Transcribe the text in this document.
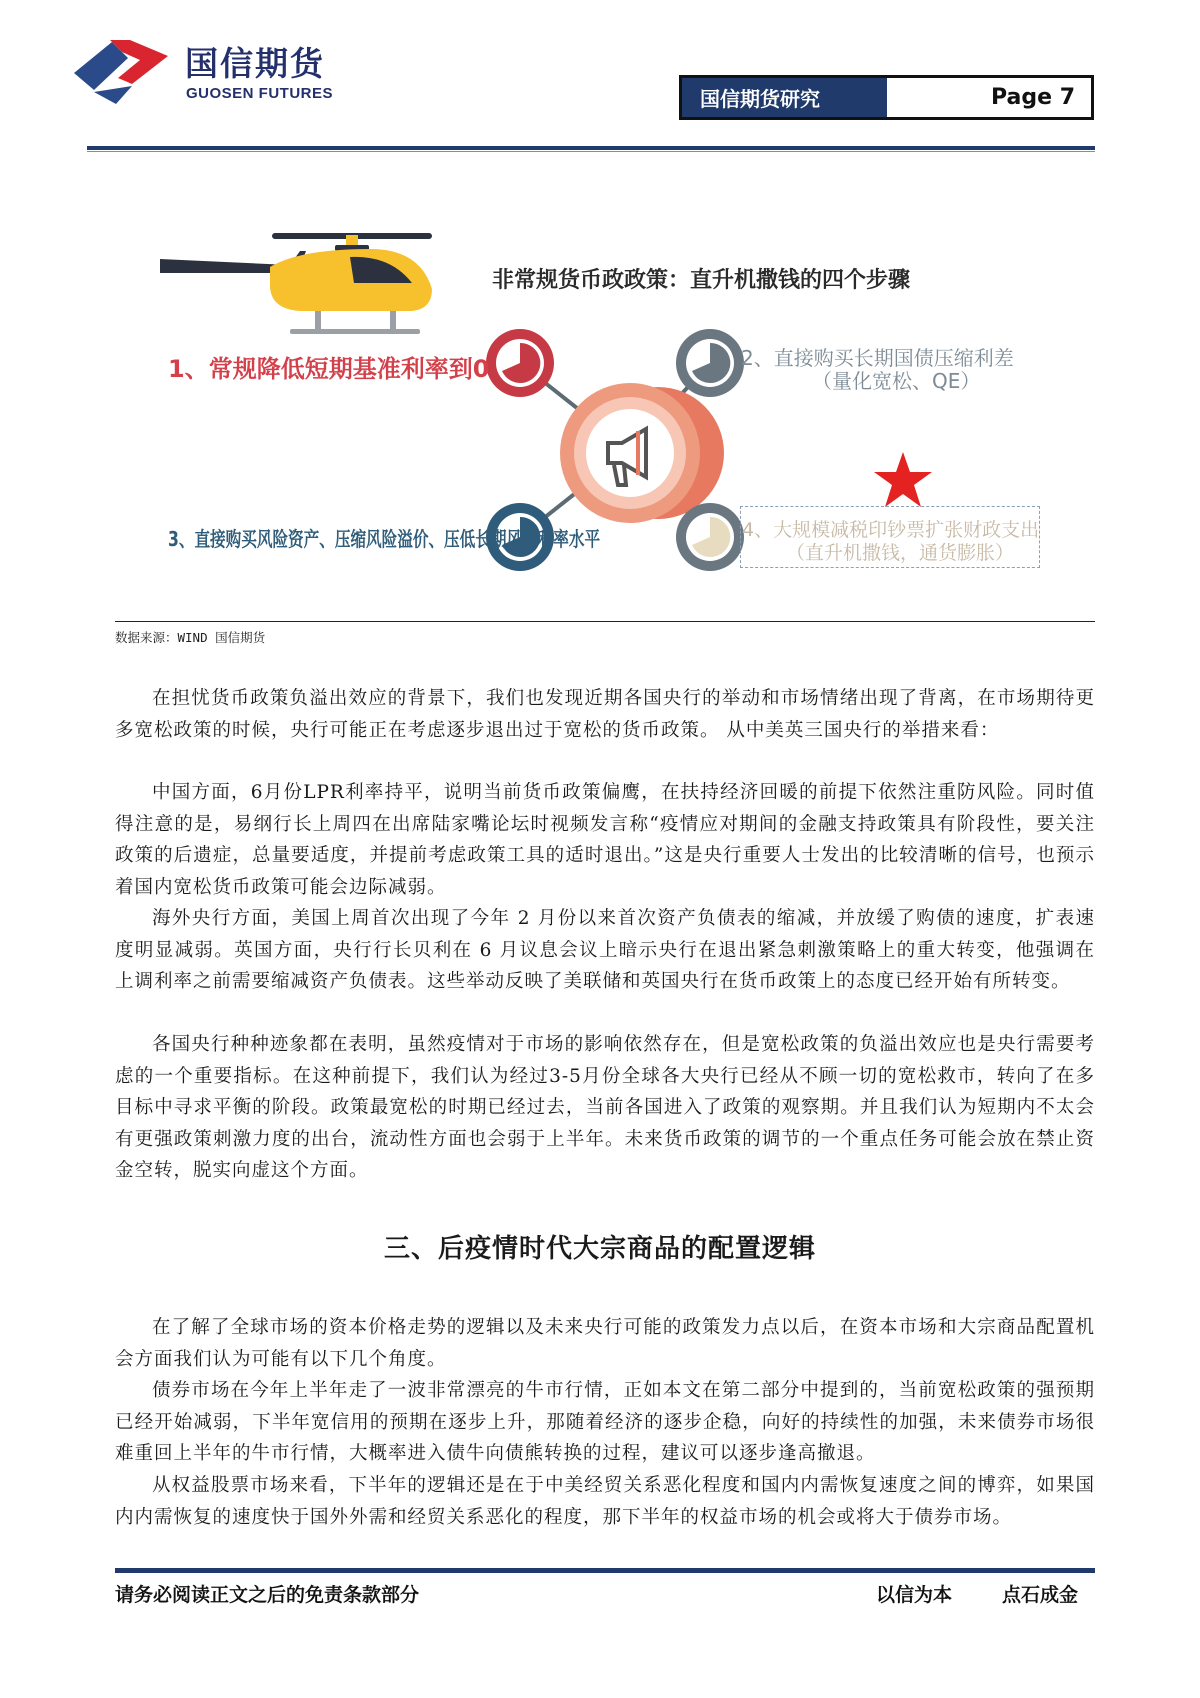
国信期货
GUOSEN FUTURES	国信期货研究	Page 7
非常规货币政政策：直升机撒钱的四个步骤
1、常规降低短期基准利率到0	2、直接购买长期国债压缩利差
（量化宽松、QE）
3、直接购买风险资产、压缩风险溢价、压低长期风险利率水平	4、大规模减税印钞票扩张财政支出
（直升机撒钱，通货膨胀）
数据来源：WIND 国信期货

在担忧货币政策负溢出效应的背景下，我们也发现近期各国央行的举动和市场情绪出现了背离，在市场期待更多宽松政策的时候，央行可能正在考虑逐步退出过于宽松的货币政策。 从中美英三国央行的举措来看：

中国方面，6月份LPR利率持平，说明当前货币政策偏鹰，在扶持经济回暖的前提下依然注重防风险。同时值得注意的是，易纲行长上周四在出席陆家嘴论坛时视频发言称“疫情应对期间的金融支持政策具有阶段性，要关注政策的后遗症，总量要适度，并提前考虑政策工具的适时退出。”这是央行重要人士发出的比较清晰的信号，也预示着国内宽松货币政策可能会边际减弱。

海外央行方面，美国上周首次出现了今年 2 月份以来首次资产负债表的缩减，并放缓了购债的速度，扩表速度明显减弱。英国方面，央行行长贝利在 6 月议息会议上暗示央行在退出紧急刺激策略上的重大转变，他强调在上调利率之前需要缩减资产负债表。这些举动反映了美联储和英国央行在货币政策上的态度已经开始有所转变。

各国央行种种迹象都在表明，虽然疫情对于市场的影响依然存在，但是宽松政策的负溢出效应也是央行需要考虑的一个重要指标。在这种前提下，我们认为经过3-5月份全球各大央行已经从不顾一切的宽松救市，转向了在多目标中寻求平衡的阶段。政策最宽松的时期已经过去，当前各国进入了政策的观察期。并且我们认为短期内不太会有更强政策刺激力度的出台，流动性方面也会弱于上半年。未来货币政策的调节的一个重点任务可能会放在禁止资金空转，脱实向虚这个方面。

三、后疫情时代大宗商品的配置逻辑

在了解了全球市场的资本价格走势的逻辑以及未来央行可能的政策发力点以后，在资本市场和大宗商品配置机会方面我们认为可能有以下几个角度。

债券市场在今年上半年走了一波非常漂亮的牛市行情，正如本文在第二部分中提到的，当前宽松政策的强预期已经开始减弱，下半年宽信用的预期在逐步上升，那随着经济的逐步企稳，向好的持续性的加强，未来债券市场很难重回上半年的牛市行情，大概率进入债牛向债熊转换的过程，建议可以逐步逢高撤退。

从权益股票市场来看，下半年的逻辑还是在于中美经贸关系恶化程度和国内内需恢复速度之间的博弈，如果国内内需恢复的速度快于国外外需和经贸关系恶化的程度，那下半年的权益市场的机会或将大于债券市场。

请务必阅读正文之后的免责条款部分	以信为本	点石成金
